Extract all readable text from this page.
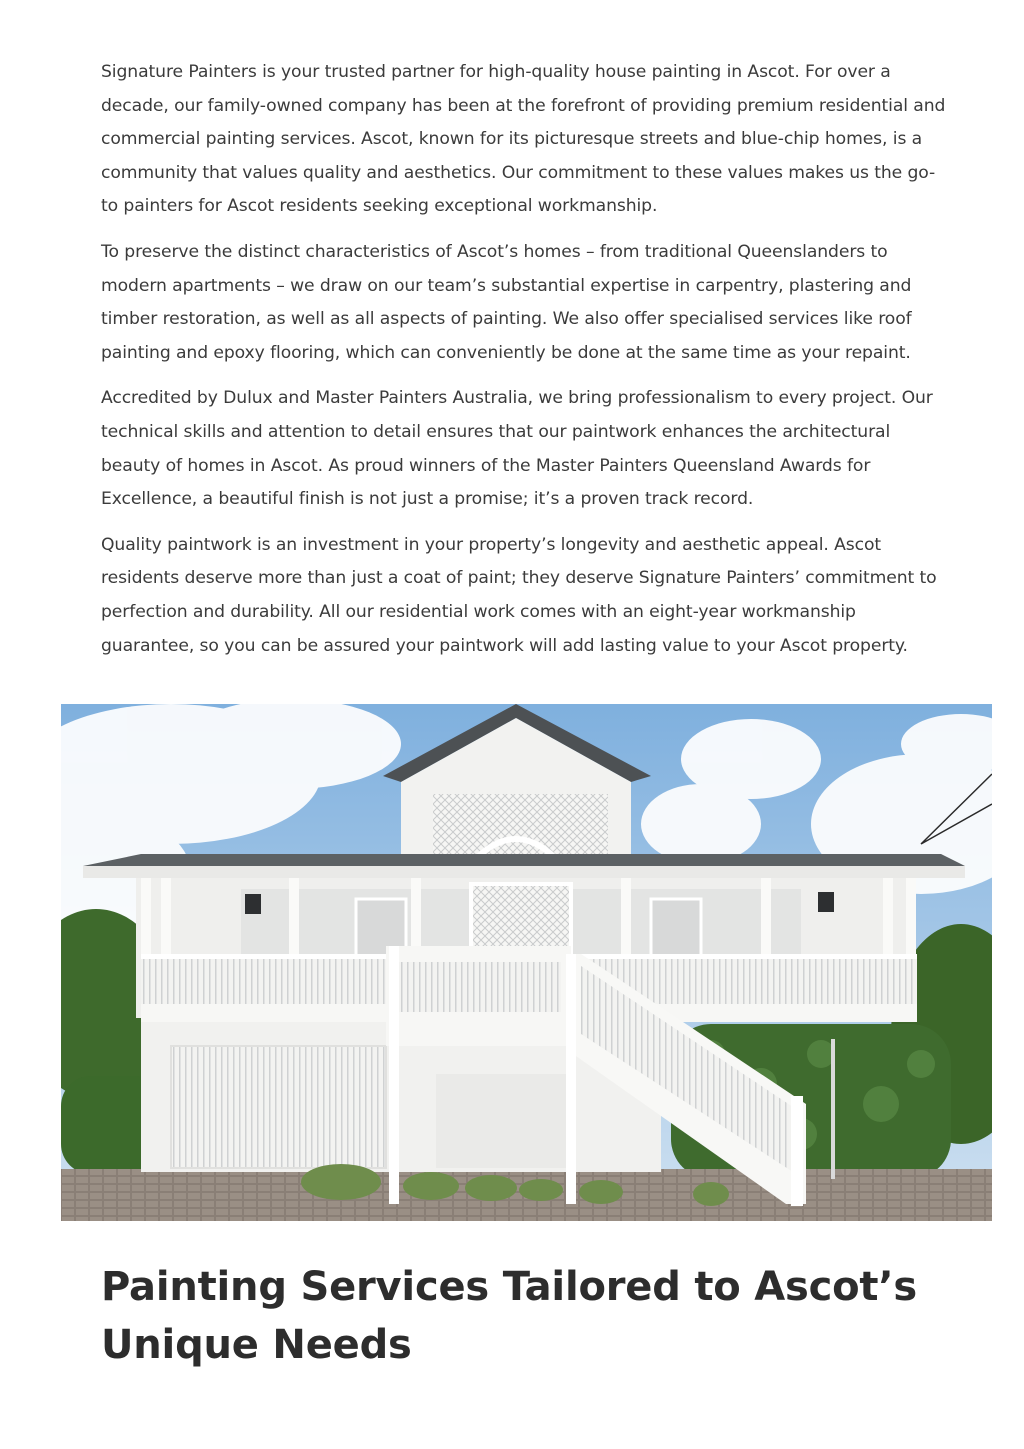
Signature Painters is your trusted partner for high-quality house painting in Ascot. For over a decade, our family-owned company has been at the forefront of providing premium residential and commercial painting services. Ascot, known for its picturesque streets and blue-chip homes, is a community that values quality and aesthetics. Our commitment to these values makes us the go-to painters for Ascot residents seeking exceptional workmanship.

To preserve the distinct characteristics of Ascot’s homes – from traditional Queenslanders to modern apartments – we draw on our team’s substantial expertise in carpentry, plastering and timber restoration, as well as all aspects of painting. We also offer specialised services like roof painting and epoxy flooring, which can conveniently be done at the same time as your repaint.

Accredited by Dulux and Master Painters Australia, we bring professionalism to every project. Our technical skills and attention to detail ensures that our paintwork enhances the architectural beauty of homes in Ascot. As proud winners of the Master Painters Queensland Awards for Excellence, a beautiful finish is not just a promise; it’s a proven track record.

Quality paintwork is an investment in your property’s longevity and aesthetic appeal. Ascot residents deserve more than just a coat of paint; they deserve Signature Painters’ commitment to perfection and durability. All our residential work comes with an eight-year workmanship guarantee, so you can be assured your paintwork will add lasting value to your Ascot property.

Painting Services Tailored to Ascot’s Unique Needs
